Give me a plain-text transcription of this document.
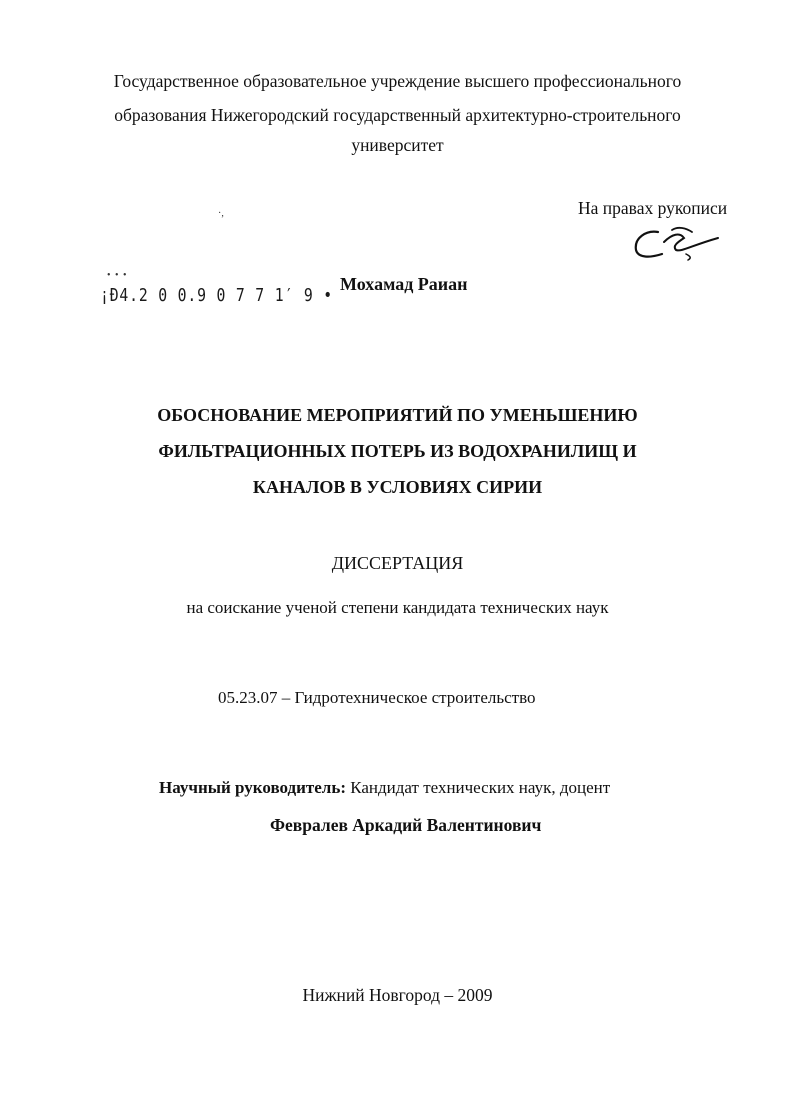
Государственное образовательное учреждение высшего профессионального
образования Нижегородский государственный архитектурно-строительного
университет
·,	На правах рукописи
• • •
¡Ð4.2 0 0.9 0 7 7 1′ 9 •
Мохамад Раиан
ОБОСНОВАНИЕ МЕРОПРИЯТИЙ ПО УМЕНЬШЕНИЮ
ФИЛЬТРАЦИОННЫХ ПОТЕРЬ ИЗ ВОДОХРАНИЛИЩ И
КАНАЛОВ В УСЛОВИЯХ СИРИИ
ДИССЕРТАЦИЯ
на соискание ученой степени кандидата технических наук
05.23.07 – Гидротехническое строительство
Научный руководитель: Кандидат технических наук, доцент
Февралев Аркадий Валентинович
Нижний Новгород – 2009
